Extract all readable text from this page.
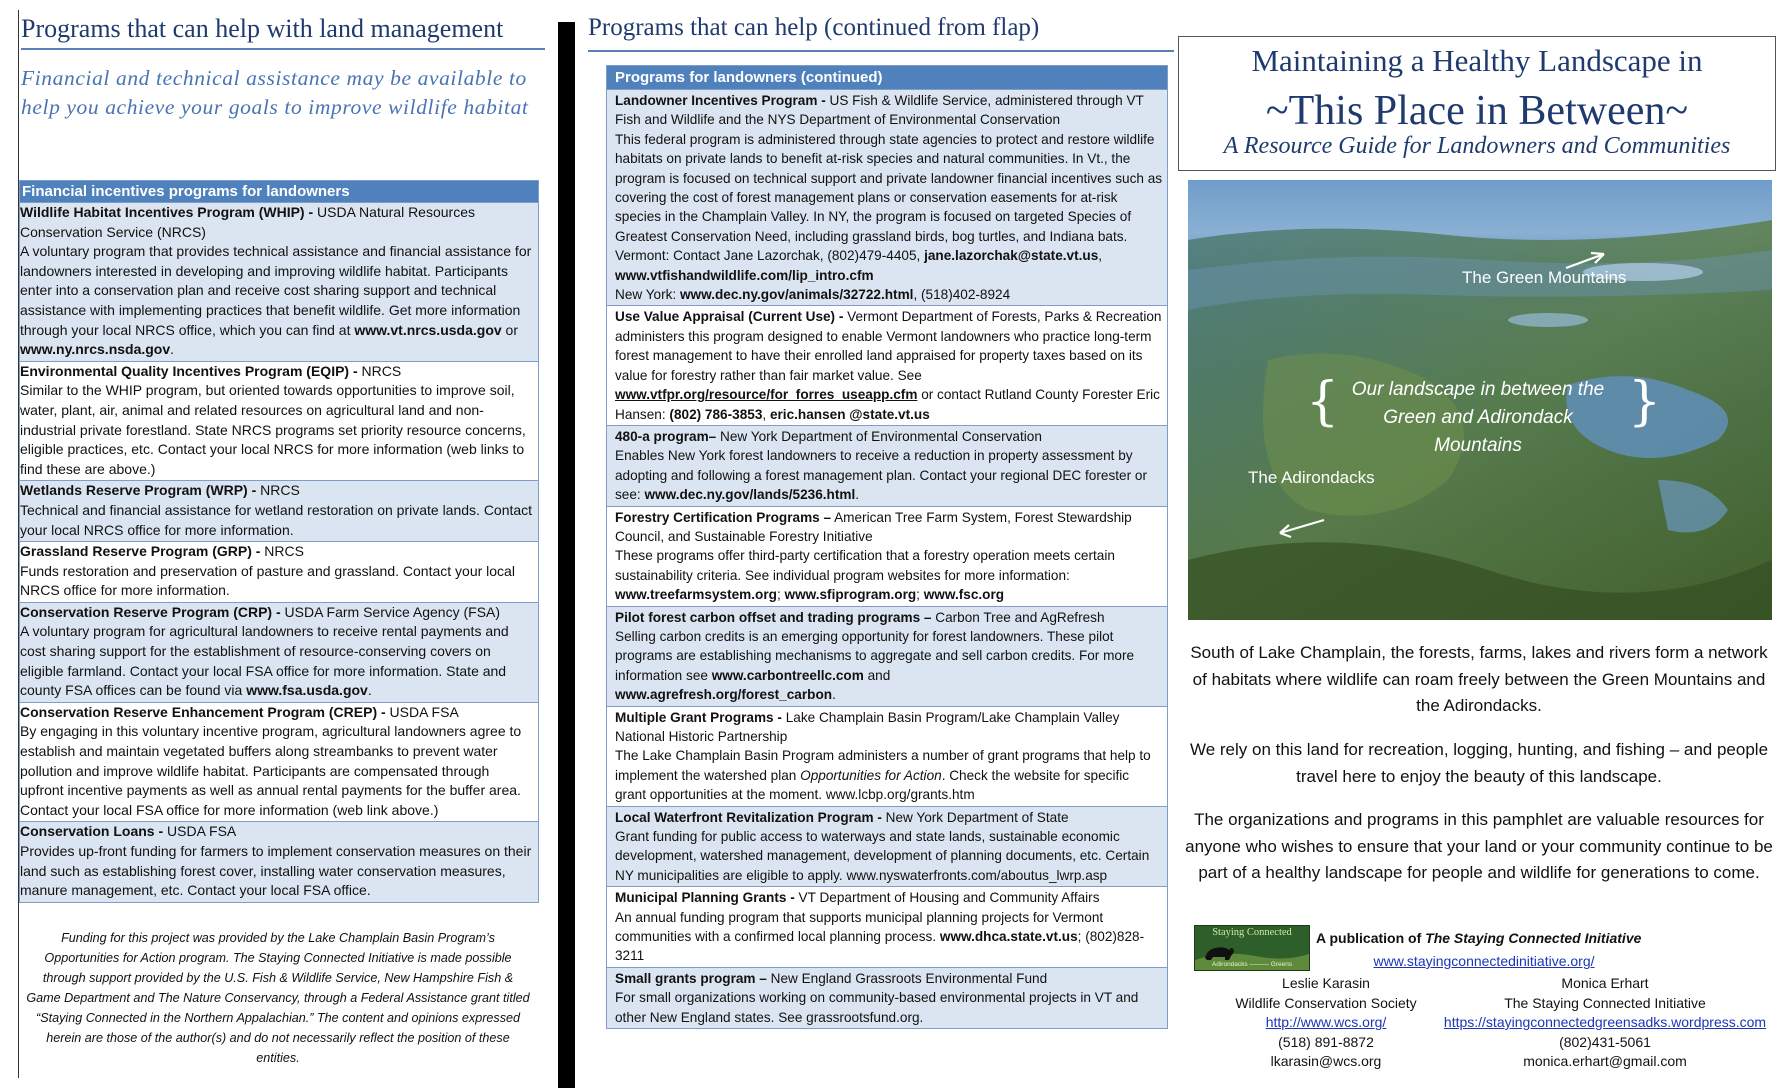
Programs that can help with land management
Financial and technical assistance may be available to help you achieve your goals to improve wildlife habitat
Financial incentives programs for landowners
Wildlife Habitat Incentives Program (WHIP) - USDA Natural Resources Conservation Service (NRCS)
A voluntary program that provides technical assistance and financial assistance for landowners interested in developing and improving wildlife habitat. Participants enter into a conservation plan and receive cost sharing support and technical assistance with implementing practices that benefit wildlife. Get more information through your local NRCS office, which you can find at www.vt.nrcs.usda.gov or www.ny.nrcs.nsda.gov.
Environmental Quality Incentives Program (EQIP) - NRCS
Similar to the WHIP program, but oriented towards opportunities to improve soil, water, plant, air, animal and related resources on agricultural land and non-industrial private forestland. State NRCS programs set priority resource concerns, eligible practices, etc. Contact your local NRCS for more information (web links to find these are above.)
Wetlands Reserve Program (WRP) - NRCS
Technical and financial assistance for wetland restoration on private lands. Contact your local NRCS office for more information.
Grassland Reserve Program (GRP) - NRCS
Funds restoration and preservation of pasture and grassland. Contact your local NRCS office for more information.
Conservation Reserve Program (CRP) - USDA Farm Service Agency (FSA)
A voluntary program for agricultural landowners to receive rental payments and cost sharing support for the establishment of resource-conserving covers on eligible farmland. Contact your local FSA office for more information. State and county FSA offices can be found via www.fsa.usda.gov.
Conservation Reserve Enhancement Program (CREP) - USDA FSA
By engaging in this voluntary incentive program, agricultural landowners agree to establish and maintain vegetated buffers along streambanks to prevent water pollution and improve wildlife habitat. Participants are compensated through upfront incentive payments as well as annual rental payments for the buffer area. Contact your local FSA office for more information (web link above.)
Conservation Loans - USDA FSA
Provides up-front funding for farmers to implement conservation measures on their land such as establishing forest cover, installing water conservation measures, manure management, etc. Contact your local FSA office.
Funding for this project was provided by the Lake Champlain Basin Program’s Opportunities for Action program. The Staying Connected Initiative is made possible through support provided by the U.S. Fish & Wildlife Service, New Hampshire Fish & Game Department and The Nature Conservancy, through a Federal Assistance grant titled “Staying Connected in the Northern Appalachian.” The content and opinions expressed herein are those of the author(s) and do not necessarily reflect the position of these entities.
Programs that can help (continued from flap)
Programs for landowners (continued)
Landowner Incentives Program - US Fish & Wildlife Service, administered through VT Fish and Wildlife and the NYS Department of Environmental Conservation
This federal program is administered through state agencies to protect and restore wildlife habitats on private lands to benefit at-risk species and natural communities. In Vt., the program is focused on technical support and private landowner financial incentives such as covering the cost of forest management plans or conservation easements for at-risk species in the Champlain Valley. In NY, the program is focused on targeted Species of Greatest Conservation Need, including grassland birds, bog turtles, and Indiana bats.
Vermont: Contact Jane Lazorchak, (802)479-4405, jane.lazorchak@state.vt.us,
www.vtfishandwildlife.com/lip_intro.cfm
New York: www.dec.ny.gov/animals/32722.html, (518)402-8924
Use Value Appraisal (Current Use) - Vermont Department of Forests, Parks & Recreation administers this program designed to enable Vermont landowners who practice long-term forest management to have their enrolled land appraised for property taxes based on its value for forestry rather than fair market value. See www.vtfpr.org/resource/for_forres_useapp.cfm or contact Rutland County Forester Eric Hansen: (802) 786-3853, eric.hansen @state.vt.us
480-a program– New York Department of Environmental Conservation
Enables New York forest landowners to receive a reduction in property assessment by adopting and following a forest management plan. Contact your regional DEC forester or see: www.dec.ny.gov/lands/5236.html.
Forestry Certification Programs – American Tree Farm System, Forest Stewardship Council, and Sustainable Forestry Initiative
These programs offer third-party certification that a forestry operation meets certain sustainability criteria. See individual program websites for more information: www.treefarmsystem.org; www.sfiprogram.org; www.fsc.org
Pilot forest carbon offset and trading programs – Carbon Tree and AgRefresh
Selling carbon credits is an emerging opportunity for forest landowners. These pilot programs are establishing mechanisms to aggregate and sell carbon credits. For more information see www.carbontreellc.com and
www.agrefresh.org/forest_carbon.
Multiple Grant Programs - Lake Champlain Basin Program/Lake Champlain Valley National Historic Partnership
The Lake Champlain Basin Program administers a number of grant programs that help to implement the watershed plan Opportunities for Action. Check the website for specific grant opportunities at the moment. www.lcbp.org/grants.htm
Local Waterfront Revitalization Program - New York Department of State
Grant funding for public access to waterways and state lands, sustainable economic development, watershed management, development of planning documents, etc. Certain NY municipalities are eligible to apply. www.nyswaterfronts.com/aboutus_lwrp.asp
Municipal Planning Grants - VT Department of Housing and Community Affairs
An annual funding program that supports municipal planning projects for Vermont communities with a confirmed local planning process. www.dhca.state.vt.us; (802)828-3211
Small grants program – New England Grassroots Environmental Fund
For small organizations working on community-based environmental projects in VT and other New England states. See grassrootsfund.org.
Maintaining a Healthy Landscape in
~This Place in Between~
A Resource Guide for Landowners and Communities
The Green Mountains
{ Our landscape in between the Green and Adirondack Mountains
}
The Adirondacks
South of Lake Champlain, the forests, farms, lakes and rivers form a network of habitats where wildlife can roam freely between the Green Mountains and the Adirondacks.
We rely on this land for recreation, logging, hunting, and fishing – and people travel here to enjoy the beauty of this landscape.
The organizations and programs in this pamphlet are valuable resources for anyone who wishes to ensure that your land or your community continue to be part of a healthy landscape for people and wildlife for generations to come.
Staying Connected
Adirondacks ——— Greens
A publication of The Staying Connected Initiative
www.stayingconnectedinitiative.org/
Leslie Karasin
Wildlife Conservation Society
http://www.wcs.org/
(518) 891-8872
lkarasin@wcs.org
Monica Erhart
The Staying Connected Initiative
https://stayingconnectedgreensadks.wordpress.com
(802)431-5061
monica.erhart@gmail.com
